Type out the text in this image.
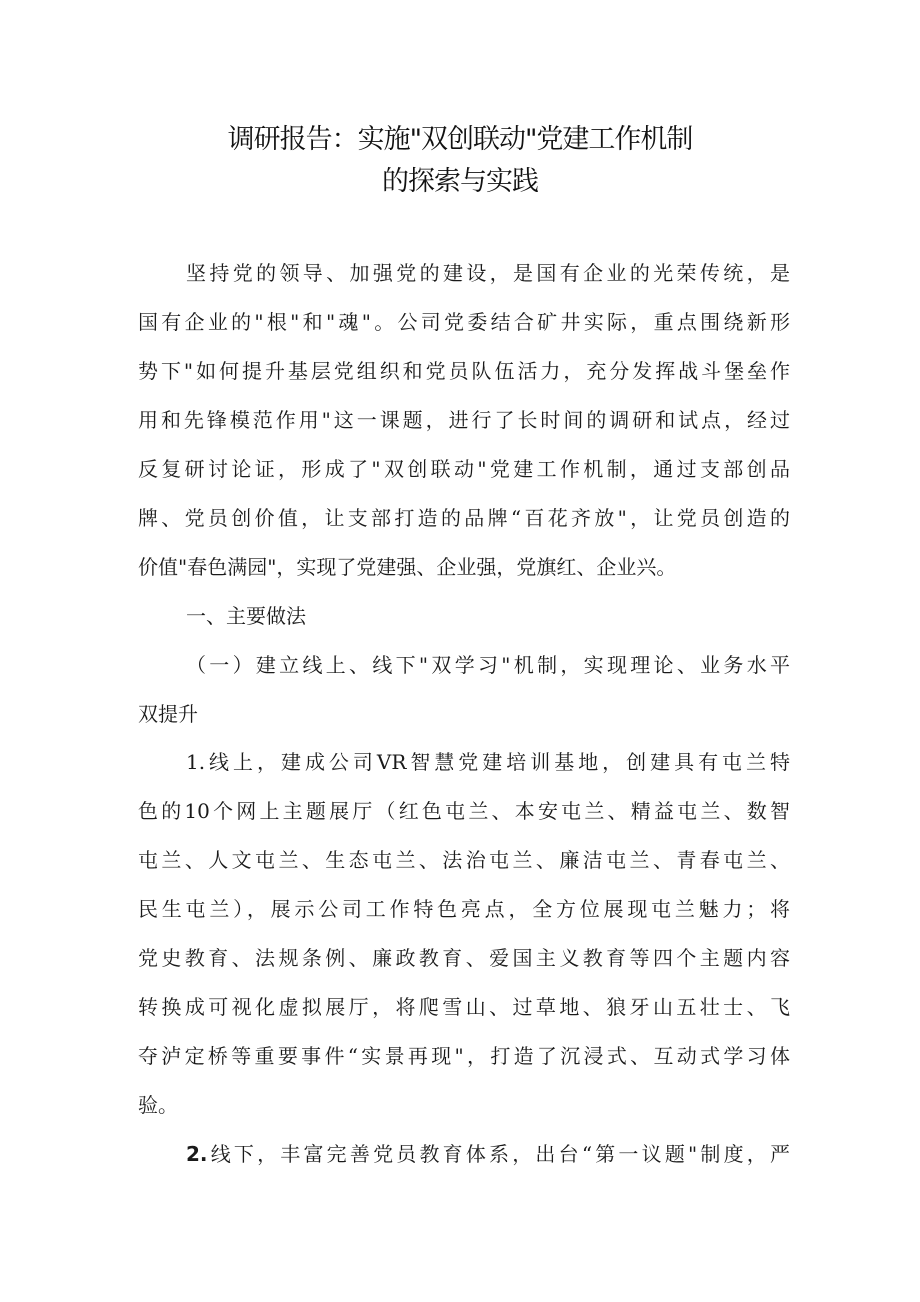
调研报告：实施"双创联动"党建工作机制
的探索与实践
坚持党的领导、加强党的建设，是国有企业的光荣传统，是
国有企业的"根"和"魂"。公司党委结合矿井实际，重点围绕新形
势下"如何提升基层党组织和党员队伍活力，充分发挥战斗堡垒作
用和先锋模范作用"这一课题，进行了长时间的调研和试点，经过
反复研讨论证，形成了"双创联动"党建工作机制，通过支部创品
牌、党员创价值，让支部打造的品牌“百花齐放"，让党员创造的
价值"春色满园"，实现了党建强、企业强，党旗红、企业兴。
一、主要做法
（一）建立线上、线下"双学习"机制，实现理论、业务水平
双提升
1.线上，建成公司VR智慧党建培训基地，创建具有屯兰特
色的10个网上主题展厅（红色屯兰、本安屯兰、精益屯兰、数智
屯兰、人文屯兰、生态屯兰、法治屯兰、廉洁屯兰、青春屯兰、
民生屯兰），展示公司工作特色亮点，全方位展现屯兰魅力；将
党史教育、法规条例、廉政教育、爱国主义教育等四个主题内容
转换成可视化虚拟展厅，将爬雪山、过草地、狼牙山五壮士、飞
夺泸定桥等重要事件“实景再现"，打造了沉浸式、互动式学习体
验。
2.线下，丰富完善党员教育体系，出台“第一议题"制度，严
